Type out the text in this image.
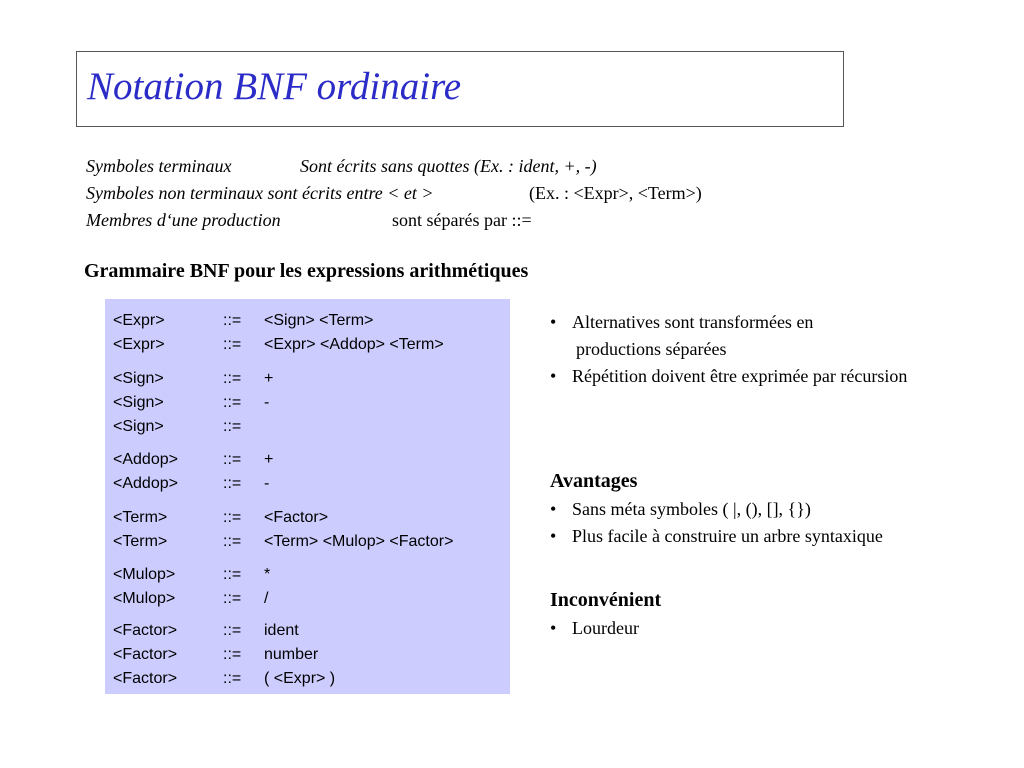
Notation BNF ordinaire
Symboles terminaux	Sont écrits sans quottes (Ex. : ident, +, -)
Symboles non terminaux sont écrits entre < et >	(Ex. : <Expr>, <Term>)
Membres d‘une production	sont séparés par ::=
Grammaire BNF pour les expressions arithmétiques
<Expr>	::= <Sign> <Term>
<Expr>	::= <Expr> <Addop> <Term>
<Sign>	::= +
<Sign>	::= -
<Sign>	::=
<Addop>	::= +
<Addop>	::= -
<Term>	::= <Factor>
<Term>	::= <Term> <Mulop> <Factor>
<Mulop>	::= *
<Mulop>	::= /
<Factor>	::= ident
<Factor>	::= number
<Factor>	::= ( <Expr> )
• Alternatives sont transformées en
productions séparées
• Répétition doivent être exprimée par récursion
Avantages
• Sans méta symboles ( |, (), [], {})
• Plus facile à construire un arbre syntaxique
Inconvénient
• Lourdeur
